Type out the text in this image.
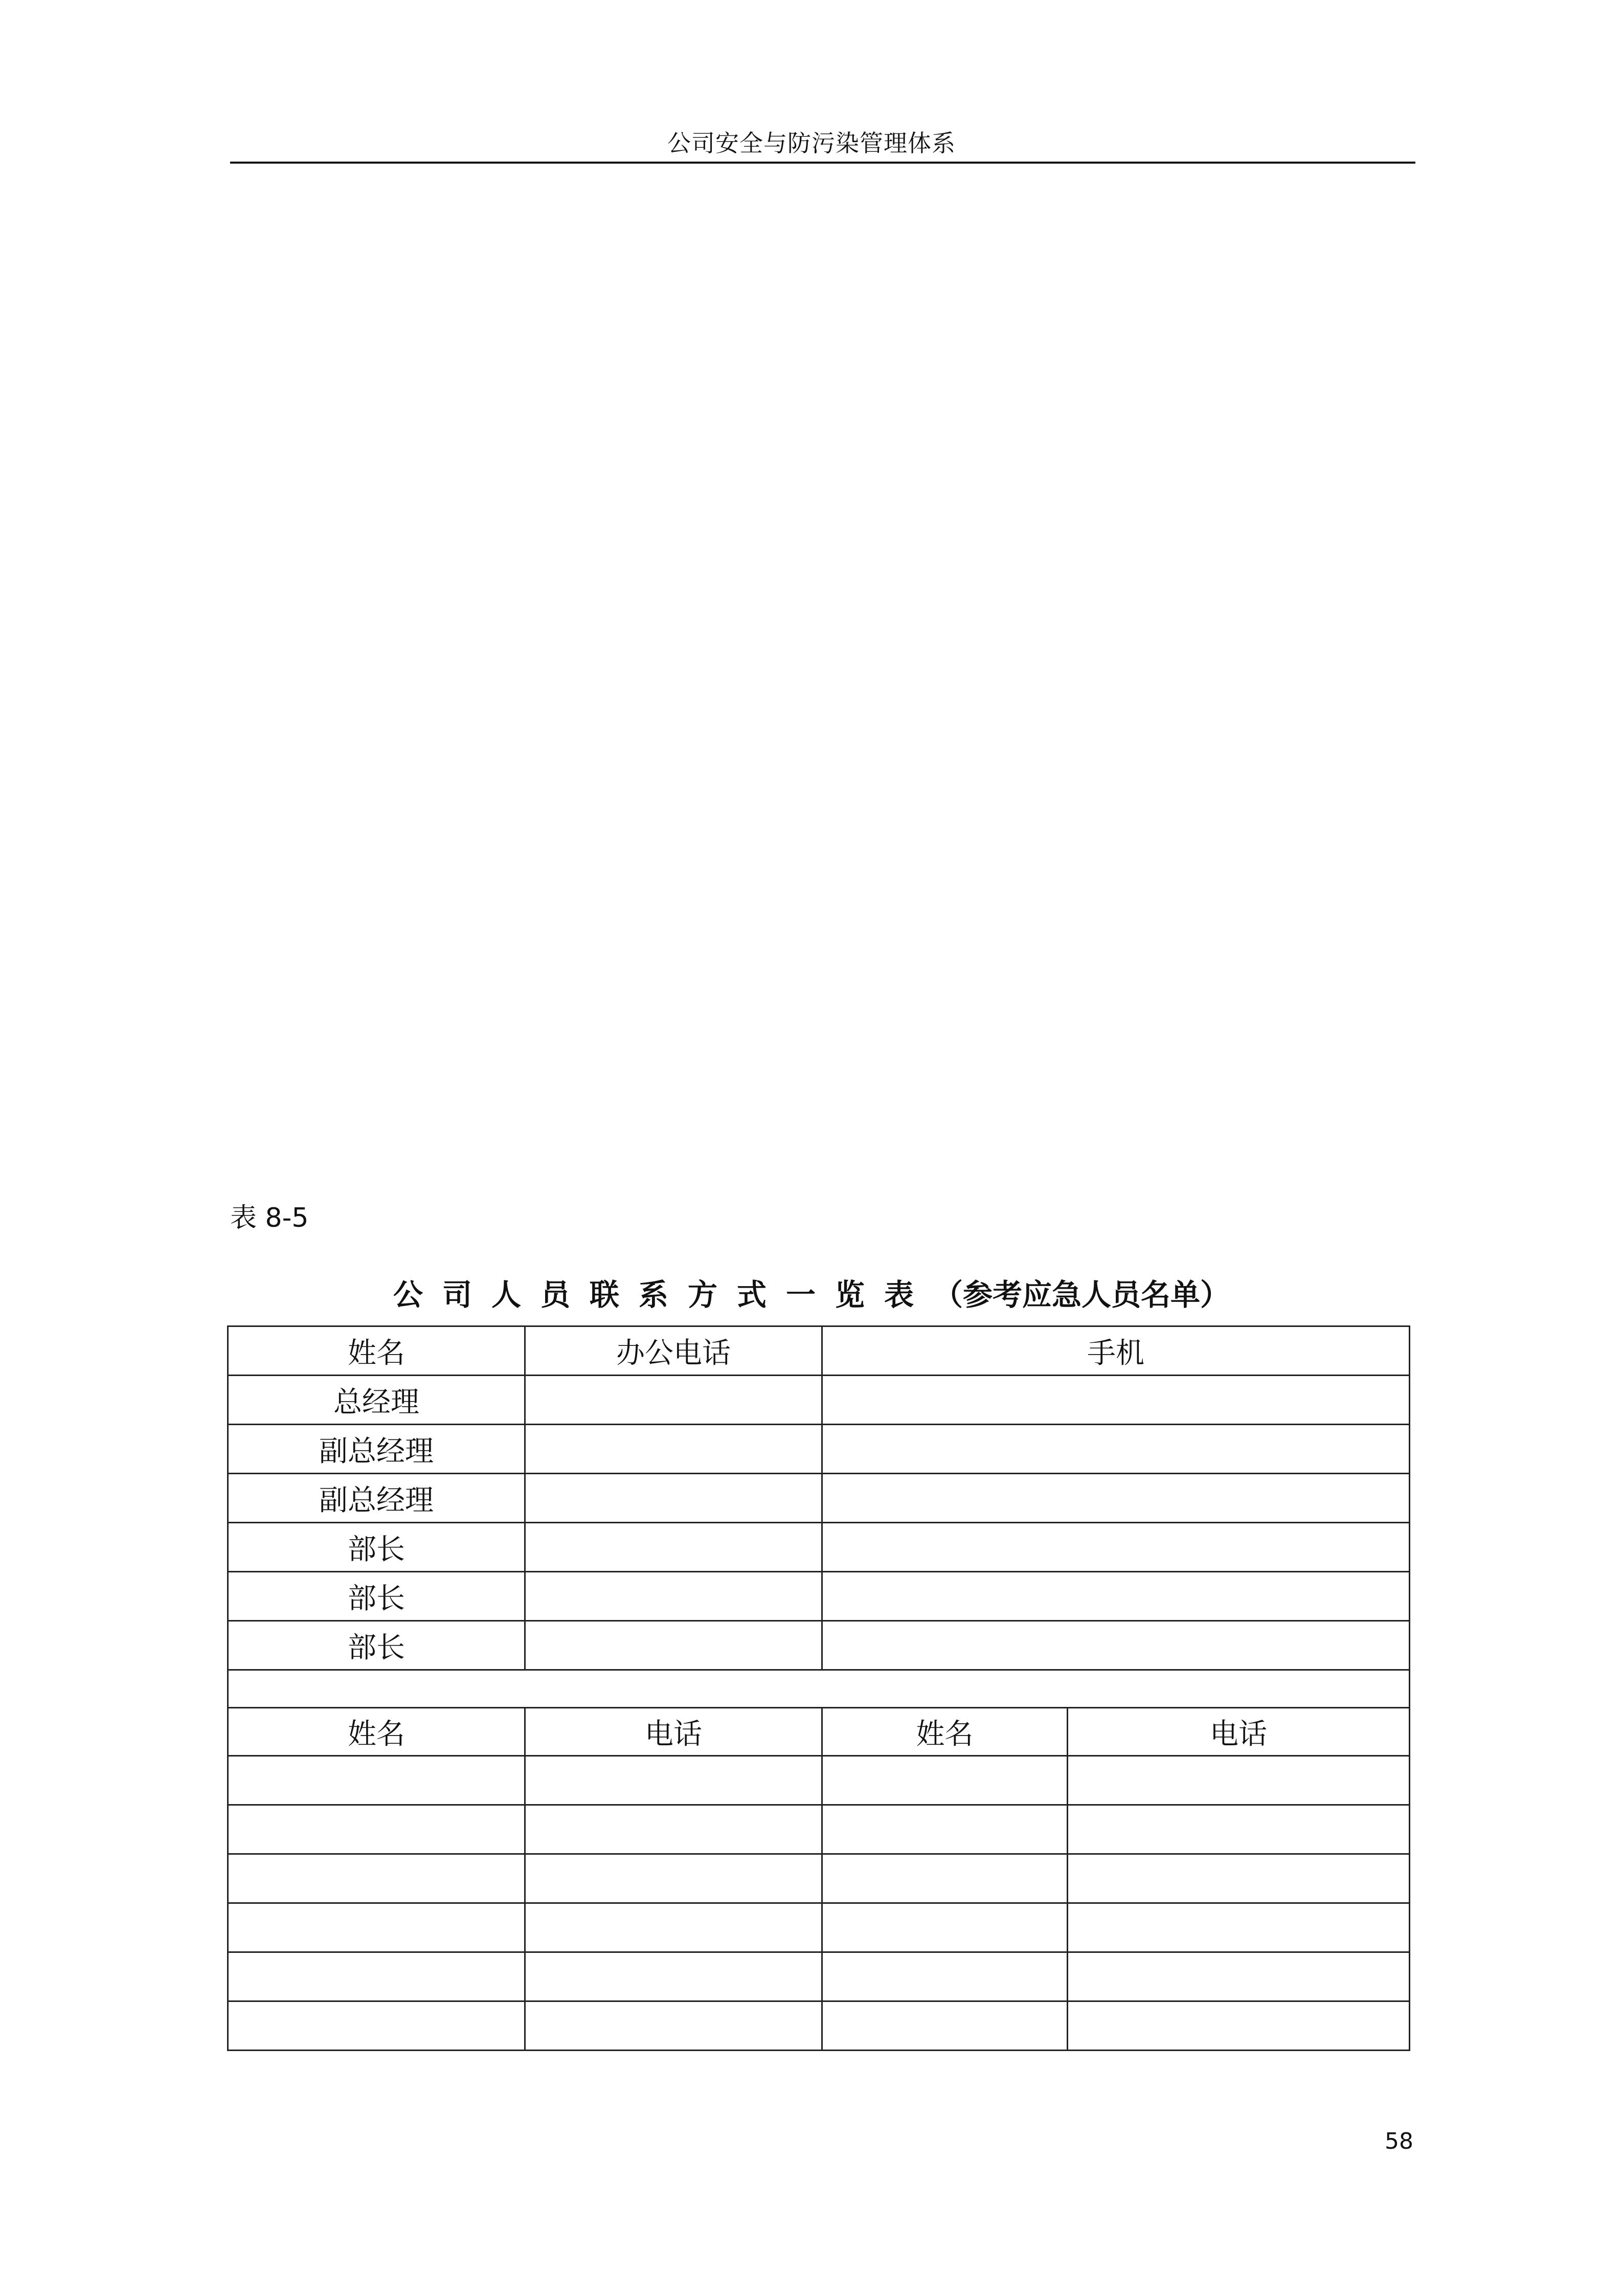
公司安全与防污染管理体系
表 8-5
公司人员联系方式一览表（参考应急人员名单）
姓名	办公电话	手机	
总经理			
副总经理			
副总经理			
部长			
部长			
部长			

姓名	电话	姓名	电话

58
